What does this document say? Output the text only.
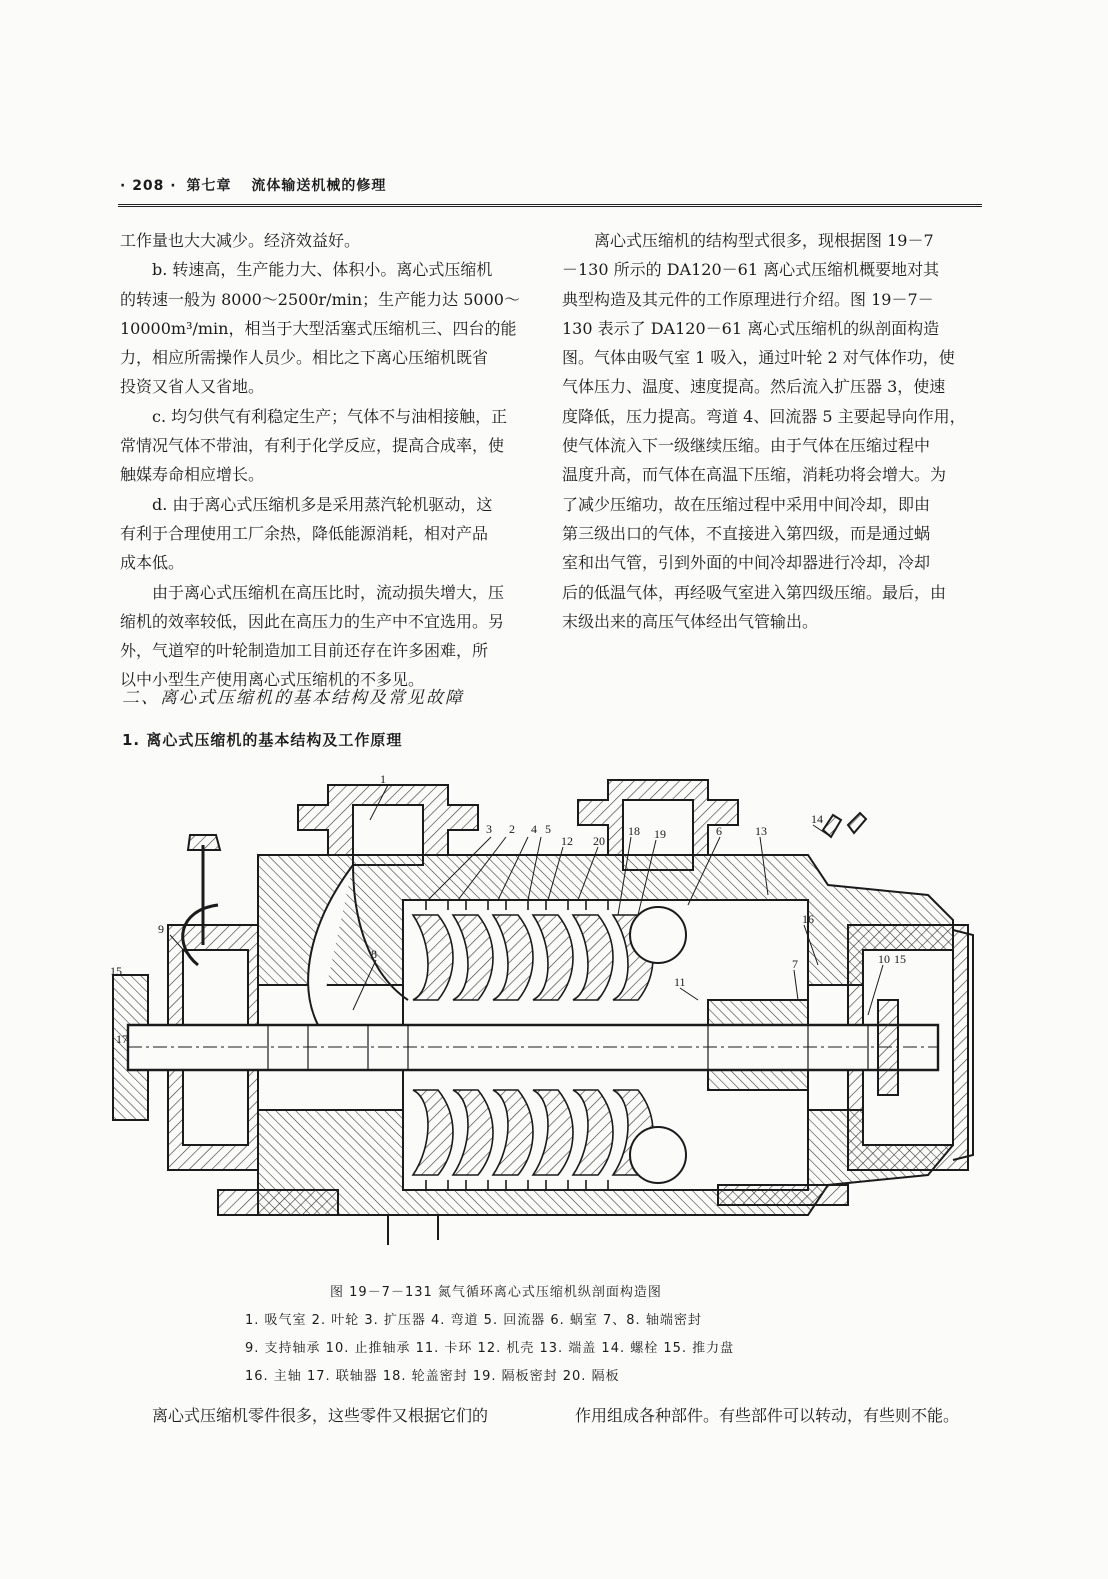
· 208 · 第七章 流体输送机械的修理

工作量也大大减少。经济效益好。

b. 转速高，生产能力大、体积小。离心式压缩机

的转速一般为 8000～2500r/min；生产能力达 5000～

10000m³/min，相当于大型活塞式压缩机三、四台的能

力，相应所需操作人员少。相比之下离心压缩机既省

投资又省人又省地。

c. 均匀供气有利稳定生产；气体不与油相接触，正

常情况气体不带油，有利于化学反应，提高合成率，使

触媒寿命相应增长。

d. 由于离心式压缩机多是采用蒸汽轮机驱动，这

有利于合理使用工厂余热，降低能源消耗，相对产品

成本低。

由于离心式压缩机在高压比时，流动损失增大，压

缩机的效率较低，因此在高压力的生产中不宜选用。另

外，气道窄的叶轮制造加工目前还存在许多困难，所

以中小型生产使用离心式压缩机的不多见。

离心式压缩机的结构型式很多，现根据图 19－7

－130 所示的 DA120－61 离心式压缩机概要地对其

典型构造及其元件的工作原理进行介绍。图 19－7－

130 表示了 DA120－61 离心式压缩机的纵剖面构造

图。气体由吸气室 1 吸入，通过叶轮 2 对气体作功，使

气体压力、温度、速度提高。然后流入扩压器 3，使速

度降低，压力提高。弯道 4、回流器 5 主要起导向作用，

使气体流入下一级继续压缩。由于气体在压缩过程中

温度升高，而气体在高温下压缩，消耗功将会增大。为

了减少压缩功，故在压缩过程中采用中间冷却，即由

第三级出口的气体，不直接进入第四级，而是通过蜗

室和出气管，引到外面的中间冷却器进行冷却，冷却

后的低温气体，再经吸气室进入第四级压缩。最后，由

末级出来的高压气体经出气管输出。

二、离心式压缩机的基本结构及常见故障
1. 离心式压缩机的基本结构及工作原理
1
3 2 4 5
12 20
18 19	6	13
14
9
15
8
16
7
11
10 15
17
图 19－7－131 氮气循环离心式压缩机纵剖面构造图

1. 吸气室 2. 叶轮 3. 扩压器 4. 弯道 5. 回流器 6. 蜗室 7、8. 轴端密封

9. 支持轴承 10. 止推轴承 11. 卡环 12. 机壳 13. 端盖 14. 螺栓 15. 推力盘

16. 主轴 17. 联轴器 18. 轮盖密封 19. 隔板密封 20. 隔板

离心式压缩机零件很多，这些零件又根据它们的	作用组成各种部件。有些部件可以转动，有些则不能。
